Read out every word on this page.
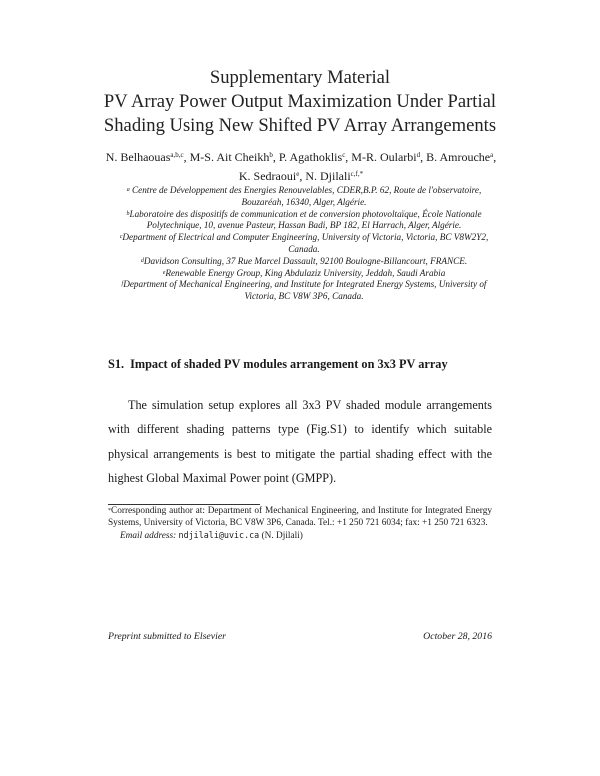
Supplementary Material
PV Array Power Output Maximization Under Partial
Shading Using New Shifted PV Array Arrangements
N. Belhaouas$^{a,b,c}$, M-S. Ait Cheikh$^b$, P. Agathoklis$^c$, M-R. Oularbi$^d$, B. Amrouche$^a$, K. Sedraoui$^e$, N. Djilali$^{c,f,*}$

$^a$ Centre de Développement des Energies Renouvelables, CDER,B.P. 62, Route de l'observatoire, Bouzaréah, 16340, Alger, Algérie.

$^b$Laboratoire des dispositifs de communication et de conversion photovoltaïque, École Nationale Polytechnique, 10, avenue Pasteur, Hassan Badi, BP 182, El Harrach, Alger, Algérie.

$^c$Department of Electrical and Computer Engineering, University of Victoria, Victoria, BC V8W2Y2, Canada.

$^d$Davidson Consulting, 37 Rue Marcel Dassault, 92100 Boulogne-Billancourt, FRANCE.

$^e$Renewable Energy Group, King Abdulaziz University, Jeddah, Saudi Arabia

$^f$Department of Mechanical Engineering, and Institute for Integrated Energy Systems, University of Victoria, BC V8W 3P6, Canada.

S1. Impact of shaded PV modules arrangement on 3x3 PV array

The simulation setup explores all 3x3 PV shaded module arrangements with different shading patterns type (Fig.S1) to identify which suitable physical arrangements is best to mitigate the partial shading effect with the highest Global Maximal Power point (GMPP).

*Corresponding author at: Department of Mechanical Engineering, and Institute for Integrated Energy Systems, University of Victoria, BC V8W 3P6, Canada. Tel.: +1 250 721 6034; fax: +1 250 721 6323.
Email address: ndjilali@uvic.ca (N. Djilali)
Preprint submitted to Elsevier	October 28, 2016
